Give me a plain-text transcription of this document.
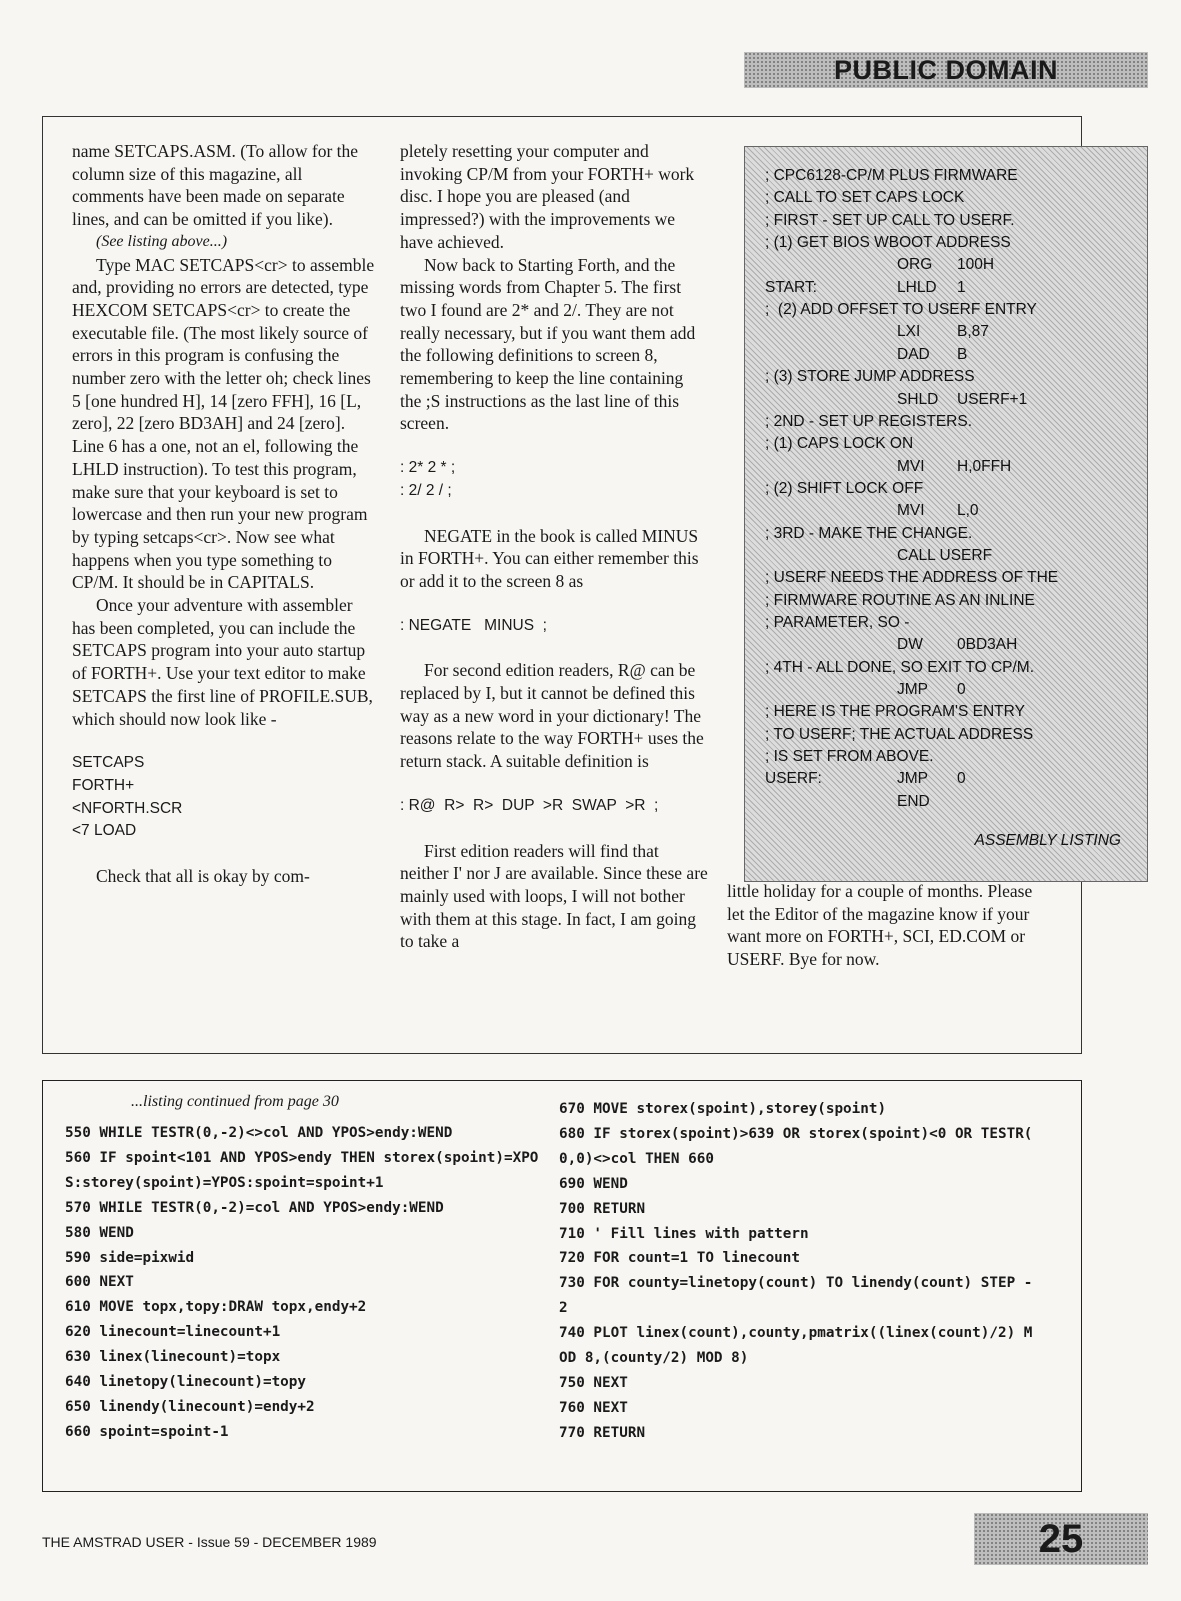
PUBLIC DOMAIN

name SETCAPS.ASM. (To allow for the column size of this magazine, all comments have been made on separate lines, and can be omitted if you like).

(See listing above...)

Type MAC SETCAPS<cr> to assemble and, providing no errors are detected, type HEXCOM SETCAPS<cr> to create the executable file. (The most likely source of errors in this program is confusing the number zero with the letter oh; check lines 5 [one hundred H], 14 [zero FFH], 16 [L, zero], 22 [zero BD3AH] and 24 [zero]. Line 6 has a one, not an el, following the LHLD instruction). To test this program, make sure that your keyboard is set to lowercase and then run your new program by typing setcaps<cr>. Now see what happens when you type something to CP/M. It should be in CAPITALS.

Once your adventure with assembler has been completed, you can include the SETCAPS program into your auto startup of FORTH+. Use your text editor to make SETCAPS the first line of PROFILE.SUB, which should now look like -

SETCAPS
FORTH+
<NFORTH.SCR
<7 LOAD

Check that all is okay by com-

pletely resetting your computer and invoking CP/M from your FORTH+ work disc. I hope you are pleased (and impressed?) with the improvements we have achieved.

Now back to Starting Forth, and the missing words from Chapter 5. The first two I found are 2* and 2/. They are not really necessary, but if you want them add the following definitions to screen 8, remembering to keep the line containing the ;S instructions as the last line of this screen.

: 2* 2 * ;
: 2/ 2 / ;

NEGATE in the book is called MINUS in FORTH+. You can either remember this or add it to the screen 8 as

: NEGATE   MINUS  ;

For second edition readers, R@ can be replaced by I, but it cannot be defined this way as a new word in your dictionary! The reasons relate to the way FORTH+ uses the return stack. A suitable definition is

: R@  R>  R>  DUP  >R  SWAP  >R  ;

First edition readers will find that neither I' nor J are available. Since these are mainly used with loops, I will not bother with them at this stage. In fact, I am going to take a

ASSEMBLY LISTING
; CPC6128-CP/M PLUS FIRMWARE
; CALL TO SET CAPS LOCK
; FIRST - SET UP CALL TO USERF.
; (1) GET BIOS WBOOT ADDRESS
ORG 100H
START:	LHLD 1
;  (2) ADD OFFSET TO USERF ENTRY
LXI B,87
DAD B
; (3) STORE JUMP ADDRESS
SHLD USERF+1
; 2ND - SET UP REGISTERS.
; (1) CAPS LOCK ON
MVI H,0FFH
; (2) SHIFT LOCK OFF
MVI L,0
; 3RD - MAKE THE CHANGE.
CALL USERF
; USERF NEEDS THE ADDRESS OF THE
; FIRMWARE ROUTINE AS AN INLINE
; PARAMETER, SO -
DW 0BD3AH
; 4TH - ALL DONE, SO EXIT TO CP/M.
JMP 0
; HERE IS THE PROGRAM'S ENTRY
; TO USERF; THE ACTUAL ADDRESS
; IS SET FROM ABOVE.
USERF:	JMP 0
END

little holiday for a couple of months. Please let the Editor of the magazine know if your want more on FORTH+, SCI, ED.COM or USERF. Bye for now.

...listing continued from page 30
550 WHILE TESTR(0,-2)<>col AND YPOS>endy:WEND
560 IF spoint<101 AND YPOS>endy THEN storex(spoint)=XPO
S:storey(spoint)=YPOS:spoint=spoint+1
570 WHILE TESTR(0,-2)=col AND YPOS>endy:WEND
580 WEND
590 side=pixwid
600 NEXT
610 MOVE topx,topy:DRAW topx,endy+2
620 linecount=linecount+1
630 linex(linecount)=topx
640 linetopy(linecount)=topy
650 linendy(linecount)=endy+2
660 spoint=spoint-1
670 MOVE storex(spoint),storey(spoint)
680 IF storex(spoint)>639 OR storex(spoint)<0 OR TESTR(
0,0)<>col THEN 660
690 WEND
700 RETURN
710 ' Fill lines with pattern
720 FOR count=1 TO linecount
730 FOR county=linetopy(count) TO linendy(count) STEP -
2
740 PLOT linex(count),county,pmatrix((linex(count)/2) M
OD 8,(county/2) MOD 8)
750 NEXT
760 NEXT
770 RETURN
THE AMSTRAD USER - Issue 59 - DECEMBER 1989	25
